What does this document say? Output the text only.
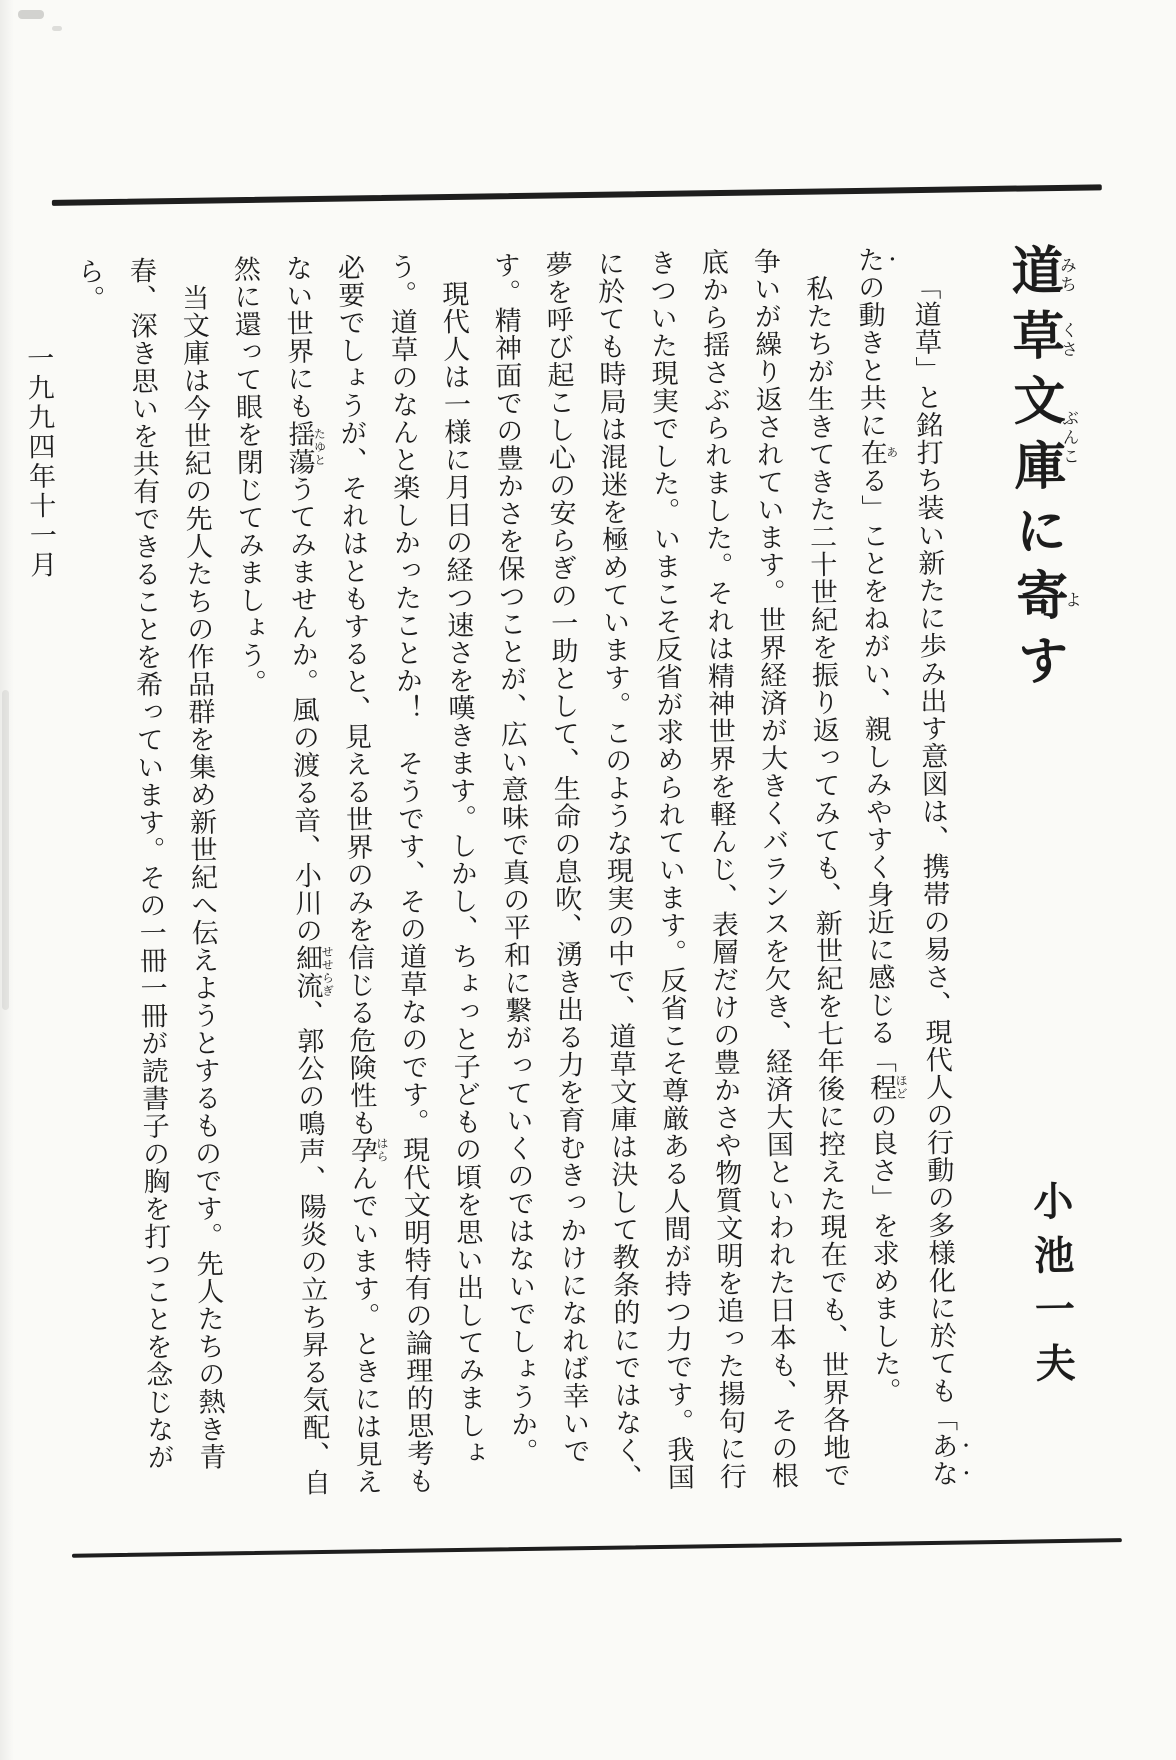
道みち草くさ文庫ぶんこに寄よす
小池一夫

「道草」と銘打ち装い新たに歩み出す意図は、携帯の易さ、現代人の行動の多様化に於ても「あなたの動きと共に在ある」ことをねがい、親しみやすく身近に感じる「程ほどの良さ」を求めました。

私たちが生きてきた二十世紀を振り返ってみても、新世紀を七年後に控えた現在でも、世界各地で争いが繰り返されています。世界経済が大きくバランスを欠き、経済大国といわれた日本も、その根底から揺さぶられました。それは精神世界を軽んじ、表層だけの豊かさや物質文明を追った揚句に行きついた現実でした。いまこそ反省が求められています。反省こそ尊厳ある人間が持つ力です。我国に於ても時局は混迷を極めています。このような現実の中で、道草文庫は決して教条的にではなく、夢を呼び起こし心の安らぎの一助として、生命の息吹、湧き出る力を育むきっかけになれば幸いです。精神面での豊かさを保つことが、広い意味で真の平和に繋がっていくのではないでしょうか。

現代人は一様に月日の経つ速さを嘆きます。しかし、ちょっと子どもの頃を思い出してみましょう。道草のなんと楽しかったことか！　そうです、その道草なのです。現代文明特有の論理的思考も必要でしょうが、それはともすると、見える世界のみを信じる危険性も孕はらんでいます。ときには見えない世界にも揺蕩たゆとうてみませんか。風の渡る音、小川の細流せせらぎ、郭公の鳴声、陽炎の立ち昇る気配、自然に還って眼を閉じてみましょう。

当文庫は今世紀の先人たちの作品群を集め新世紀へ伝えようとするものです。先人たちの熱き青春、深き思いを共有できることを希っています。その一冊一冊が読書子の胸を打つことを念じながら。

一九九四年十一月
